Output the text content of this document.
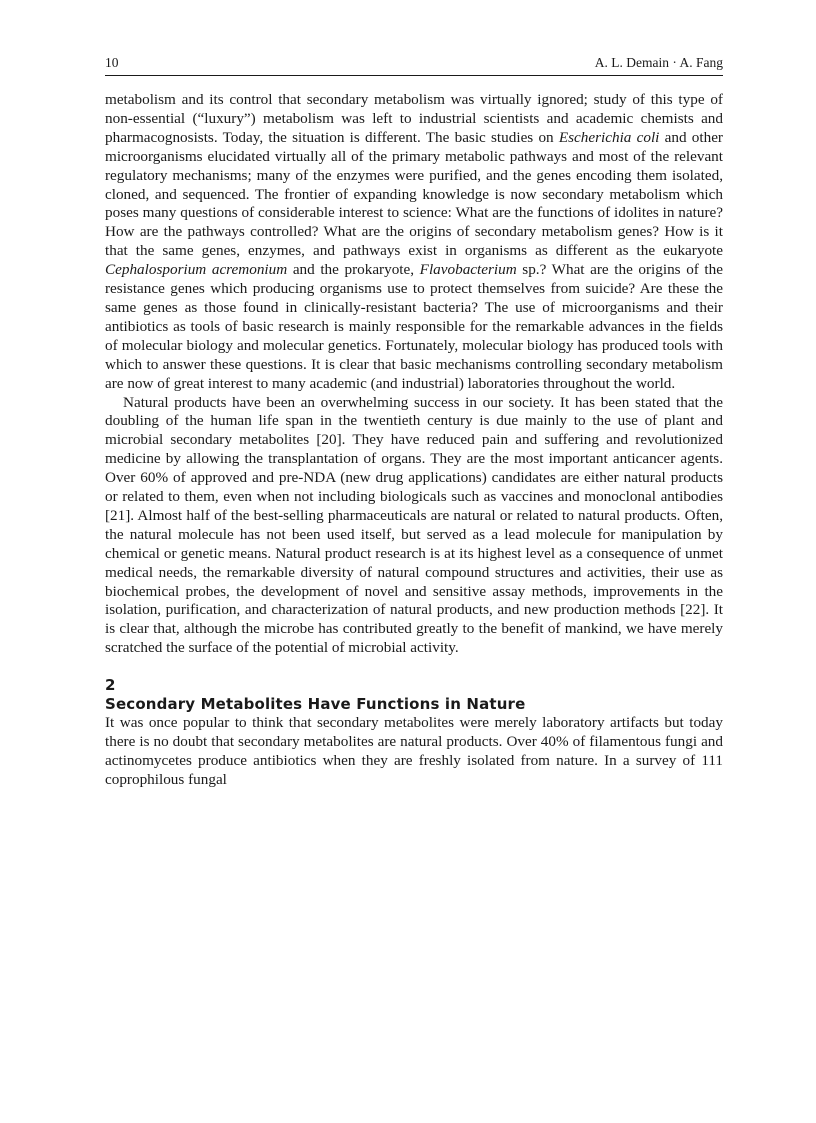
10	A. L. Demain · A. Fang

metabolism and its control that secondary metabolism was virtually ignored; study of this type of non-essential (“luxury”) metabolism was left to industrial scientists and academic chemists and pharmacognosists. Today, the situation is different. The basic studies on Escherichia coli and other microorganisms elucidated virtually all of the primary metabolic pathways and most of the relevant regulatory mechanisms; many of the enzymes were purified, and the genes encoding them isolated, cloned, and sequenced. The frontier of expanding knowledge is now secondary metabolism which poses many questions of considerable interest to science: What are the functions of idolites in nature? How are the pathways controlled? What are the origins of secondary metabolism genes? How is it that the same genes, enzymes, and pathways exist in organisms as different as the eukaryote Cephalosporium acremonium and the prokaryote, Flavobacterium sp.? What are the origins of the resistance genes which producing organisms use to protect themselves from suicide? Are these the same genes as those found in clinically-resistant bacteria? The use of microorganisms and their antibiotics as tools of basic research is mainly responsible for the remarkable advances in the fields of molecular biology and molecular genetics. Fortunately, molecular biology has produced tools with which to answer these questions. It is clear that basic mechanisms controlling secondary metabolism are now of great interest to many academic (and industrial) laboratories throughout the world.

Natural products have been an overwhelming success in our society. It has been stated that the doubling of the human life span in the twentieth century is due mainly to the use of plant and microbial secondary metabolites [20]. They have reduced pain and suffering and revolutionized medicine by allowing the transplantation of organs. They are the most important anticancer agents. Over 60% of approved and pre-NDA (new drug applications) candidates are either natural products or related to them, even when not including biologicals such as vaccines and monoclonal antibodies [21]. Almost half of the best-selling pharmaceuticals are natural or related to natural products. Often, the natural molecule has not been used itself, but served as a lead molecule for manipulation by chemical or genetic means. Natural product research is at its highest level as a consequence of unmet medical needs, the remarkable diversity of natural compound structures and activities, their use as biochemical probes, the development of novel and sensitive assay methods, improvements in the isolation, purification, and characterization of natural products, and new production methods [22]. It is clear that, although the microbe has contributed greatly to the benefit of mankind, we have merely scratched the surface of the potential of microbial activity.

2
Secondary Metabolites Have Functions in Nature

It was once popular to think that secondary metabolites were merely laboratory artifacts but today there is no doubt that secondary metabolites are natural products. Over 40% of filamentous fungi and actinomycetes produce antibiotics when they are freshly isolated from nature. In a survey of 111 coprophilous fungal
